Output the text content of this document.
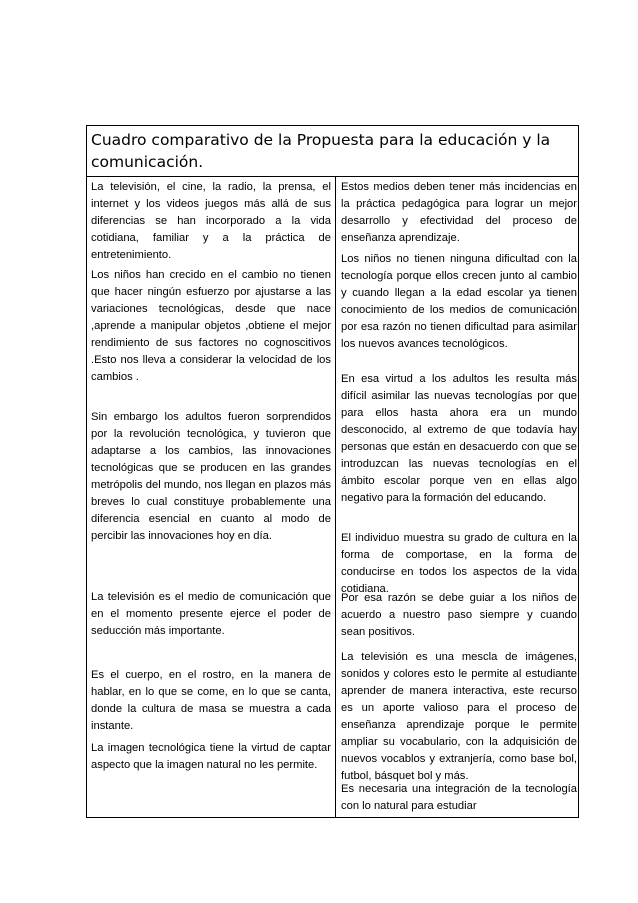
Cuadro comparativo de la Propuesta para la educación y la comunicación.

La televisión, el cine, la radio, la prensa, el internet y los videos juegos más allá de sus diferencias se han incorporado a la vida cotidiana, familiar y a la práctica de entretenimiento.

Los niños han crecido en el cambio no tienen que hacer ningún esfuerzo por ajustarse a las variaciones tecnológicas, desde que nace ,aprende a manipular objetos ,obtiene el mejor rendimiento de sus factores no cognoscitivos .Esto nos lleva a considerar la velocidad de los cambios .

Sin embargo los adultos fueron sorprendidos por la revolución tecnológica, y tuvieron que adaptarse a los cambios, las innovaciones tecnológicas que se producen en las grandes metrópolis del mundo, nos llegan en plazos más breves lo cual constituye probablemente una diferencia esencial en cuanto al modo de percibir las innovaciones hoy en día.

La televisión es el medio de comunicación que en el momento presente ejerce el poder de seducción más importante.

Es el cuerpo, en el rostro, en la manera de hablar, en lo que se come, en lo que se canta, donde la cultura de masa se muestra a cada instante.

La imagen tecnológica tiene la virtud de captar aspecto que la imagen natural no les permite.

Estos medios deben tener más incidencias en la práctica pedagógica para lograr un mejor desarrollo y efectividad del proceso de enseñanza aprendizaje.

Los niños no tienen ninguna dificultad con la tecnología porque ellos crecen junto al cambio y cuando llegan a la edad escolar ya tienen conocimiento de los medios de comunicación por esa razón no tienen dificultad para asimilar los nuevos avances tecnológicos.

En esa virtud a los adultos les resulta más difícil asimilar las nuevas tecnologías por que para ellos hasta ahora era un mundo desconocido, al extremo de que todavía hay personas que están en desacuerdo con que se introduzcan las nuevas tecnologías en el ámbito escolar porque ven en ellas algo negativo para la formación del educando.

El individuo muestra su grado de cultura en la forma de comportase, en la forma de conducirse en todos los aspectos de la vida cotidiana.

Por esa razón se debe guiar a los niños de acuerdo a nuestro paso siempre y cuando sean positivos.

La televisión es una mescla de imágenes, sonidos y colores esto le permite al estudiante aprender de manera interactiva, este recurso es un aporte valioso para el proceso de enseñanza aprendizaje porque le permite ampliar su vocabulario, con la adquisición de nuevos vocablos y extranjería, como base bol, futbol, básquet bol y más.

Es necesaria una integración de la tecnología con lo natural para estudiar
